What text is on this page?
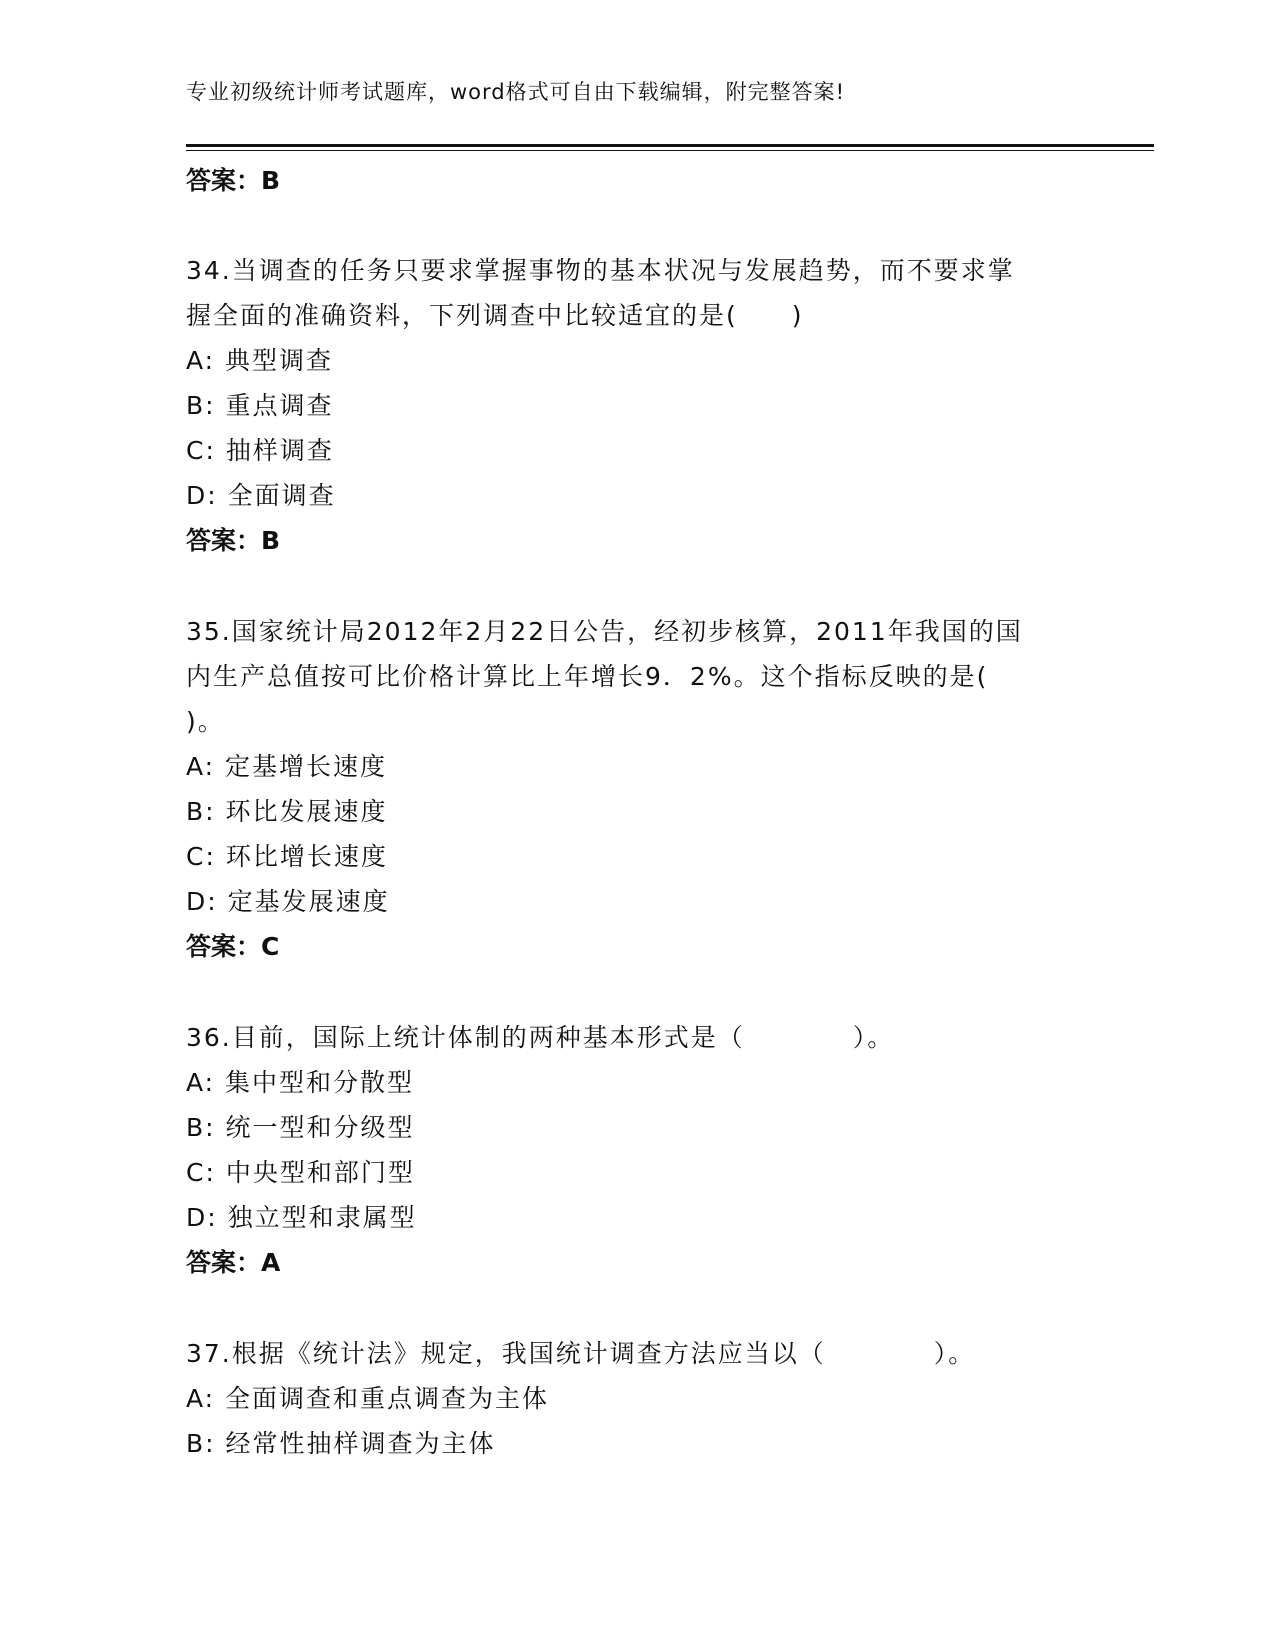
专业初级统计师考试题库，word格式可自由下载编辑，附完整答案!
答案：B
34.当调查的任务只要求掌握事物的基本状况与发展趋势，而不要求掌
握全面的准确资料，下列调查中比较适宜的是(　　)
A: 典型调查
B: 重点调查
C: 抽样调查
D: 全面调查
答案：B
35.国家统计局2012年2月22日公告，经初步核算，2011年我国的国
内生产总值按可比价格计算比上年增长9．2%。这个指标反映的是(
)。
A: 定基增长速度
B: 环比发展速度
C: 环比增长速度
D: 定基发展速度
答案：C
36.目前，国际上统计体制的两种基本形式是（　　　　）。
A: 集中型和分散型
B: 统一型和分级型
C: 中央型和部门型
D: 独立型和隶属型
答案：A
37.根据《统计法》规定，我国统计调查方法应当以（　　　　）。
A: 全面调查和重点调查为主体
B: 经常性抽样调查为主体
